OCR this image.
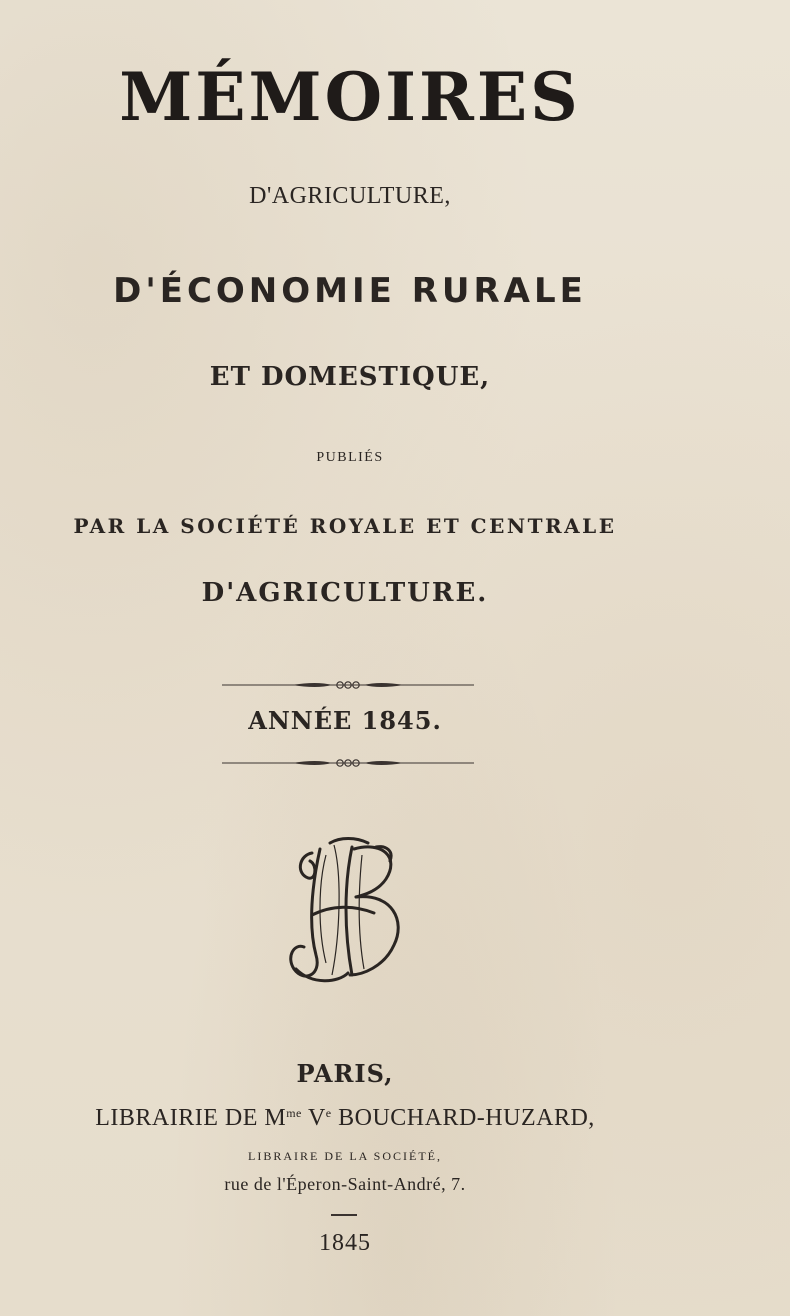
MÉMOIRES
D'AGRICULTURE,
D'ÉCONOMIE RURALE
ET DOMESTIQUE,
PUBLIÉS
PAR LA SOCIÉTÉ ROYALE ET CENTRALE
D'AGRICULTURE.
ANNÉE 1845.
PARIS,
LIBRAIRIE DE $M^{me}$ Ve BOUCHARD-HUZARD,
LIBRAIRE DE LA SOCIÉTÉ,
rue de l'Éperon-Saint-André, 7.
1845
